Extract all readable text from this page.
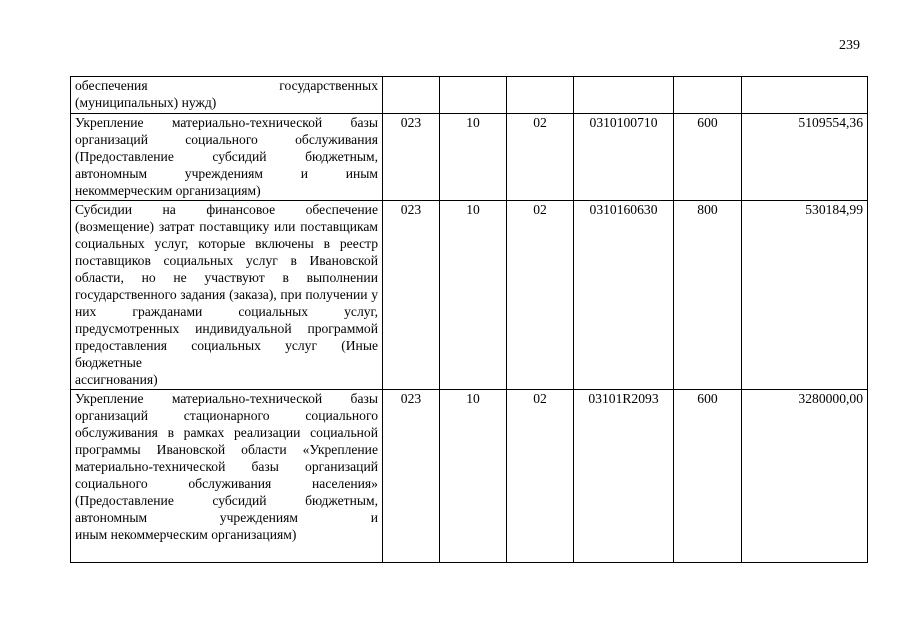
239
обеспечения государственных
(муниципальных) нужд)						

Укрепление материально-технической базы организаций социального обслуживания (Предоставление субсидий бюджетным, автономным учреждениям и иным
некоммерческим организациям)	023	10	02	0310100710	600	5109554,36
Субсидии на финансовое обеспечение (возмещение) затрат поставщику или поставщикам социальных услуг, которые включены в реестр поставщиков социальных услуг в Ивановской области, но не участвуют в выполнении государственного задания (заказа), при получении у них гражданами социальных услуг, предусмотренных индивидуальной программой предоставления социальных услуг (Иные бюджетные
ассигнования)	023	10	02	0310160630	800	530184,99
Укрепление материально-технической базы организаций стационарного социального обслуживания в рамках реализации социальной программы Ивановской области «Укрепление материально-технической базы организаций социального обслуживания населения» (Предоставление субсидий бюджетным, автономным учреждениям и
иным некоммерческим организациям)	023	10	02	03101R2093	600	3280000,00
